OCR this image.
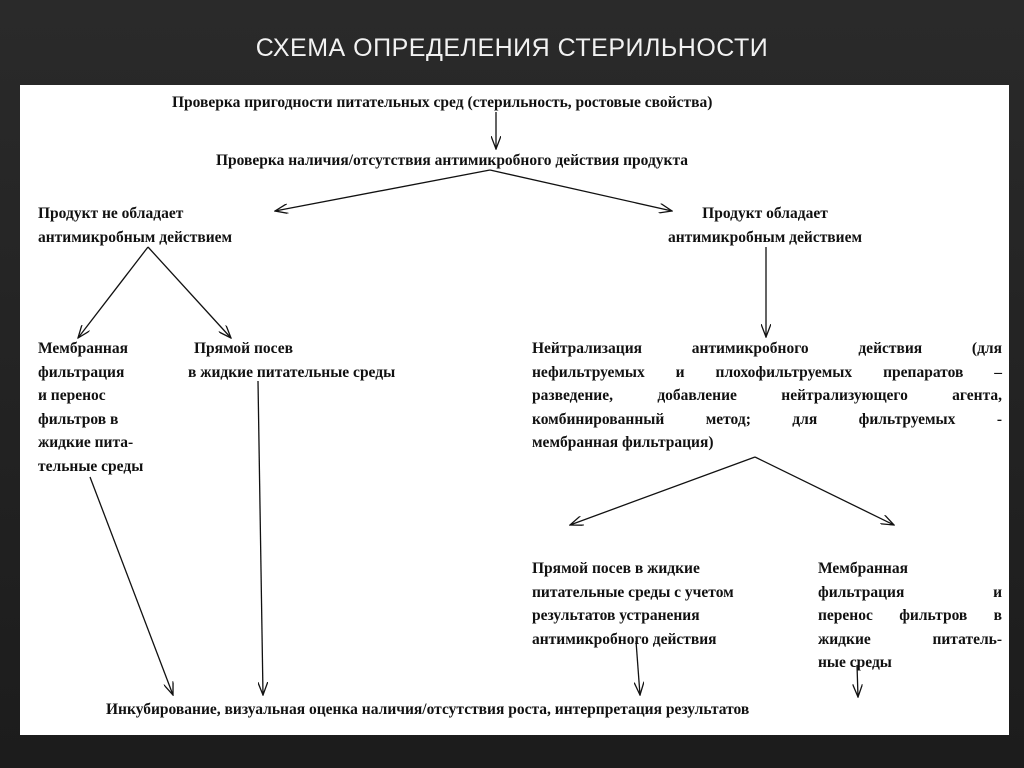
СХЕМА ОПРЕДЕЛЕНИЯ СТЕРИЛЬНОСТИ
Проверка пригодности питательных сред (стерильность, ростовые свойства)
Проверка наличия/отсутствия антимикробного действия продукта
Продукт не обладает
антимикробным действием
Продукт обладает
антимикробным действием
Мембранная
фильтрация
и перенос
фильтров в
жидкие пита-
тельные среды
Прямой посев
в жидкие питательные среды
Нейтрализация антимикробного действия (для
нефильтруемых и плохофильтруемых препаратов –
разведение, добавление нейтрализующего агента,
комбинированный метод; для фильтруемых -
мембранная фильтрация)
Прямой посев в жидкие
питательные среды с учетом
результатов устранения
антимикробного действия
Мембранная
фильтрация и
перенос фильтров в
жидкие питатель-
ные среды
Инкубирование, визуальная оценка наличия/отсутствия роста, интерпретация результатов
